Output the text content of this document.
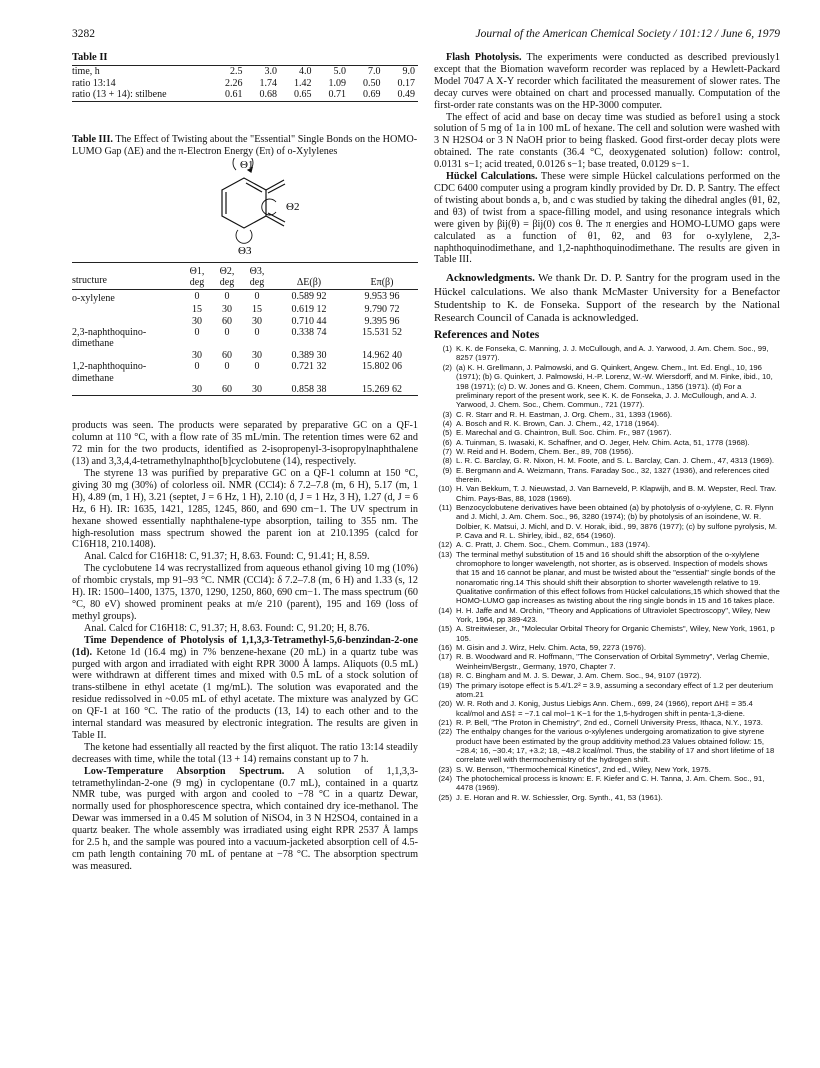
3282	Journal of the American Chemical Society / 101:12 / June 6, 1979
Table II
time, h	2.5	3.0	4.0	5.0	7.0	9.0
ratio 13:14	2.26	1.74	1.42	1.09	0.50	0.17
ratio (13 + 14): stilbene	0.61	0.68	0.65	0.71	0.69	0.49

Table III. The Effect of Twisting about the "Essential" Single Bonds on the HOMO-LUMO Gap (ΔE) and the π-Electron Energy (Eπ) of o-Xylylenes

Θ1
Θ2
Θ3
structure	Θ1, deg	Θ2, deg	Θ3, deg	ΔE(β)	Eπ(β)
o-xylylene	0	0	0	0.589 92	9.953 96
	15	30	15	0.619 12	9.790 72
	30	60	30	0.710 44	9.395 96
2,3-naphthoquino-dimethane	0	0	0	0.338 74	15.531 52
	30	60	30	0.389 30	14.962 40
1,2-naphthoquino-dimethane	0	0	0	0.721 32	15.802 06
	30	60	30	0.858 38	15.269 62

products was seen. The products were separated by preparative GC on a QF-1 column at 110 °C, with a flow rate of 35 mL/min. The retention times were 62 and 72 min for the two products, identified as 2-isopropenyl-3-isopropylnaphthalene (13) and 3,3,4,4-tetramethylnaphtho[b]cyclobutene (14), respectively.

The styrene 13 was purified by preparative GC on a QF-1 column at 150 °C, giving 30 mg (30%) of colorless oil. NMR (CCl4): δ 7.2–7.8 (m, 6 H), 5.17 (m, 1 H), 4.89 (m, 1 H), 3.21 (septet, J = 6 Hz, 1 H), 2.10 (d, J = 1 Hz, 3 H), 1.27 (d, J = 6 Hz, 6 H). IR: 1635, 1421, 1285, 1245, 860, and 690 cm−1. The UV spectrum in hexane showed essentially naphthalene-type absorption, tailing to 355 nm. The high-resolution mass spectrum showed the parent ion at 210.1395 (calcd for C16H18, 210.1408).

Anal. Calcd for C16H18: C, 91.37; H, 8.63. Found: C, 91.41; H, 8.59.

The cyclobutene 14 was recrystallized from aqueous ethanol giving 10 mg (10%) of rhombic crystals, mp 91–93 °C. NMR (CCl4): δ 7.2–7.8 (m, 6 H) and 1.33 (s, 12 H). IR: 1500–1400, 1375, 1370, 1290, 1250, 860, 690 cm−1. The mass spectrum (60 °C, 80 eV) showed prominent peaks at m/e 210 (parent), 195 and 169 (loss of methyl groups).

Anal. Calcd for C16H18: C, 91.37; H, 8.63. Found: C, 91.20; H, 8.76.

Time Dependence of Photolysis of 1,1,3,3-Tetramethyl-5,6-benzindan-2-one (1d). Ketone 1d (16.4 mg) in 7% benzene-hexane (20 mL) in a quartz tube was purged with argon and irradiated with eight RPR 3000 Å lamps. Aliquots (0.5 mL) were withdrawn at different times and mixed with 0.5 mL of a stock solution of trans-stilbene in ethyl acetate (1 mg/mL). The solution was evaporated and the residue redissolved in ~0.05 mL of ethyl acetate. The mixture was analyzed by GC on QF-1 at 160 °C. The ratio of the products (13, 14) to each other and to the internal standard was measured by electronic integration. The results are given in Table II.

The ketone had essentially all reacted by the first aliquot. The ratio 13:14 steadily decreases with time, while the total (13 + 14) remains constant up to 7 h.

Low-Temperature Absorption Spectrum. A solution of 1,1,3,3-tetramethylindan-2-one (9 mg) in cyclopentane (0.7 mL), contained in a quartz NMR tube, was purged with argon and cooled to −78 °C in a quartz Dewar, normally used for phosphorescence spectra, which contained dry ice-methanol. The Dewar was immersed in a 0.45 M solution of NiSO4, in 3 N H2SO4, contained in a quartz beaker. The whole assembly was irradiated using eight RPR 2537 Å lamps for 2.5 h, and the sample was poured into a vacuum-jacketed absorption cell of 4.5-cm path length containing 70 mL of pentane at −78 °C. The absorption spectrum was measured.

Flash Photolysis. The experiments were conducted as described previously1 except that the Biomation waveform recorder was replaced by a Hewlett-Packard Model 7047 A X-Y recorder which facilitated the measurement of slower rates. The decay curves were obtained on chart and processed manually. Computation of the first-order rate constants was on the HP-3000 computer.

The effect of acid and base on decay time was studied as before1 using a stock solution of 5 mg of 1a in 100 mL of hexane. The cell and solution were washed with 3 N H2SO4 or 3 N NaOH prior to being flasked. Good first-order decay plots were obtained. The rate constants (36.4 °C, deoxygenated solution) follow: control, 0.0131 s−1; acid treated, 0.0126 s−1; base treated, 0.0129 s−1.

Hückel Calculations. These were simple Hückel calculations performed on the CDC 6400 computer using a program kindly provided by Dr. D. P. Santry. The effect of twisting about bonds a, b, and c was studied by taking the dihedral angles (θ1, θ2, and θ3) of twist from a space-filling model, and using resonance integrals which were given by βij(θ) = βij(0) cos θ. The π energies and HOMO-LUMO gaps were calculated as a function of θ1, θ2, and θ3 for o-xylylene, 2,3-naphthoquinodimethane, and 1,2-naphthoquinodimethane. The results are given in Table III.

Acknowledgments. We thank Dr. D. P. Santry for the program used in the Hückel calculations. We also thank McMaster University for a Benefactor Studentship to K. de Fonseka. Support of the research by the National Research Council of Canada is acknowledged.

References and Notes
(1) K. K. de Fonseka, C. Manning, J. J. McCullough, and A. J. Yarwood, J. Am. Chem. Soc., 99, 8257 (1977).
(2) (a) K. H. Grellmann, J. Palmowski, and G. Quinkert, Angew. Chem., Int. Ed. Engl., 10, 196 (1971); (b) G. Quinkert, J. Palmowski, H.-P. Lorenz, W.-W. Wiersdorff, and M. Finke, ibid., 10, 198 (1971); (c) D. W. Jones and G. Kneen, Chem. Commun., 1356 (1971). (d) For a preliminary report of the present work, see K. K. de Fonseka, J. J. McCullough, and A. J. Yarwood, J. Chem. Soc., Chem. Commun., 721 (1977).
(3) C. R. Starr and R. H. Eastman, J. Org. Chem., 31, 1393 (1966).
(4) A. Bosch and R. K. Brown, Can. J. Chem., 42, 1718 (1964).
(5) E. Marechal and G. Chaintron, Bull. Soc. Chim. Fr., 987 (1967).
(6) A. Tuinman, S. Iwasaki, K. Schaffner, and O. Jeger, Helv. Chim. Acta, 51, 1778 (1968).
(7) W. Reid and H. Bodem, Chem. Ber., 89, 708 (1956).
(8) L. R. C. Barclay, G. R. Nixon, H. M. Foote, and S. L. Barclay, Can. J. Chem., 47, 4313 (1969).
(9) E. Bergmann and A. Weizmann, Trans. Faraday Soc., 32, 1327 (1936), and references cited therein.
(10) H. Van Bekkum, T. J. Nieuwstad, J. Van Barneveld, P. Klapwijh, and B. M. Wepster, Recl. Trav. Chim. Pays-Bas, 88, 1028 (1969).
(11) Benzocyclobutene derivatives have been obtained (a) by photolysis of o-xylylene, C. R. Flynn and J. Michl, J. Am. Chem. Soc., 96, 3280 (1974); (b) by photolysis of an isoindene, W. R. Dolbier, K. Matsui, J. Michl, and D. V. Horak, ibid., 99, 3876 (1977); (c) by sulfone pyrolysis, M. P. Cava and R. L. Shirley, ibid., 82, 654 (1960).
(12) A. C. Pratt, J. Chem. Soc., Chem. Commun., 183 (1974).
(13) The terminal methyl substitution of 15 and 16 should shift the absorption of the o-xylylene chromophore to longer wavelength, not shorter, as is observed. Inspection of models shows that 15 and 16 cannot be planar, and must be twisted about the "essential" single bonds of the nonaromatic ring.14 This should shift their absorption to shorter wavelength relative to 19. Qualitative confirmation of this effect follows from Hückel calculations,15 which showed that the HOMO-LUMO gap increases as twisting about the ring single bonds in 15 and 16 takes place.
(14) H. H. Jaffe and M. Orchin, "Theory and Applications of Ultraviolet Spectroscopy", Wiley, New York, 1964, pp 389-423.
(15) A. Streitwieser, Jr., "Molecular Orbital Theory for Organic Chemists", Wiley, New York, 1961, p 105.
(16) M. Gisin and J. Wirz, Helv. Chim. Acta, 59, 2273 (1976).
(17) R. B. Woodward and R. Hoffmann, "The Conservation of Orbital Symmetry", Verlag Chemie, Weinheim/Bergstr., Germany, 1970, Chapter 7.
(18) R. C. Bingham and M. J. S. Dewar, J. Am. Chem. Soc., 94, 9107 (1972).
(19) The primary isotope effect is 5.4/1.2² = 3.9, assuming a secondary effect of 1.2 per deuterium atom.21
(20) W. R. Roth and J. Konig, Justus Liebigs Ann. Chem., 699, 24 (1966), report ΔH‡ = 35.4 kcal/mol and ΔS‡ = −7.1 cal mol−1 K−1 for the 1,5-hydrogen shift in penta-1,3-diene.
(21) R. P. Bell, "The Proton in Chemistry", 2nd ed., Cornell University Press, Ithaca, N.Y., 1973.
(22) The enthalpy changes for the various o-xylylenes undergoing aromatization to give styrene product have been estimated by the group additivity method.23 Values obtained follow: 15, −28.4; 16, −30.4; 17, +3.2; 18, −48.2 kcal/mol. Thus, the stability of 17 and short lifetime of 18 correlate well with thermochemistry of the hydrogen shift.
(23) S. W. Benson, "Thermochemical Kinetics", 2nd ed., Wiley, New York, 1975.
(24) The photochemical process is known: E. F. Kiefer and C. H. Tanna, J. Am. Chem. Soc., 91, 4478 (1969).
(25) J. E. Horan and R. W. Schiessler, Org. Synth., 41, 53 (1961).
